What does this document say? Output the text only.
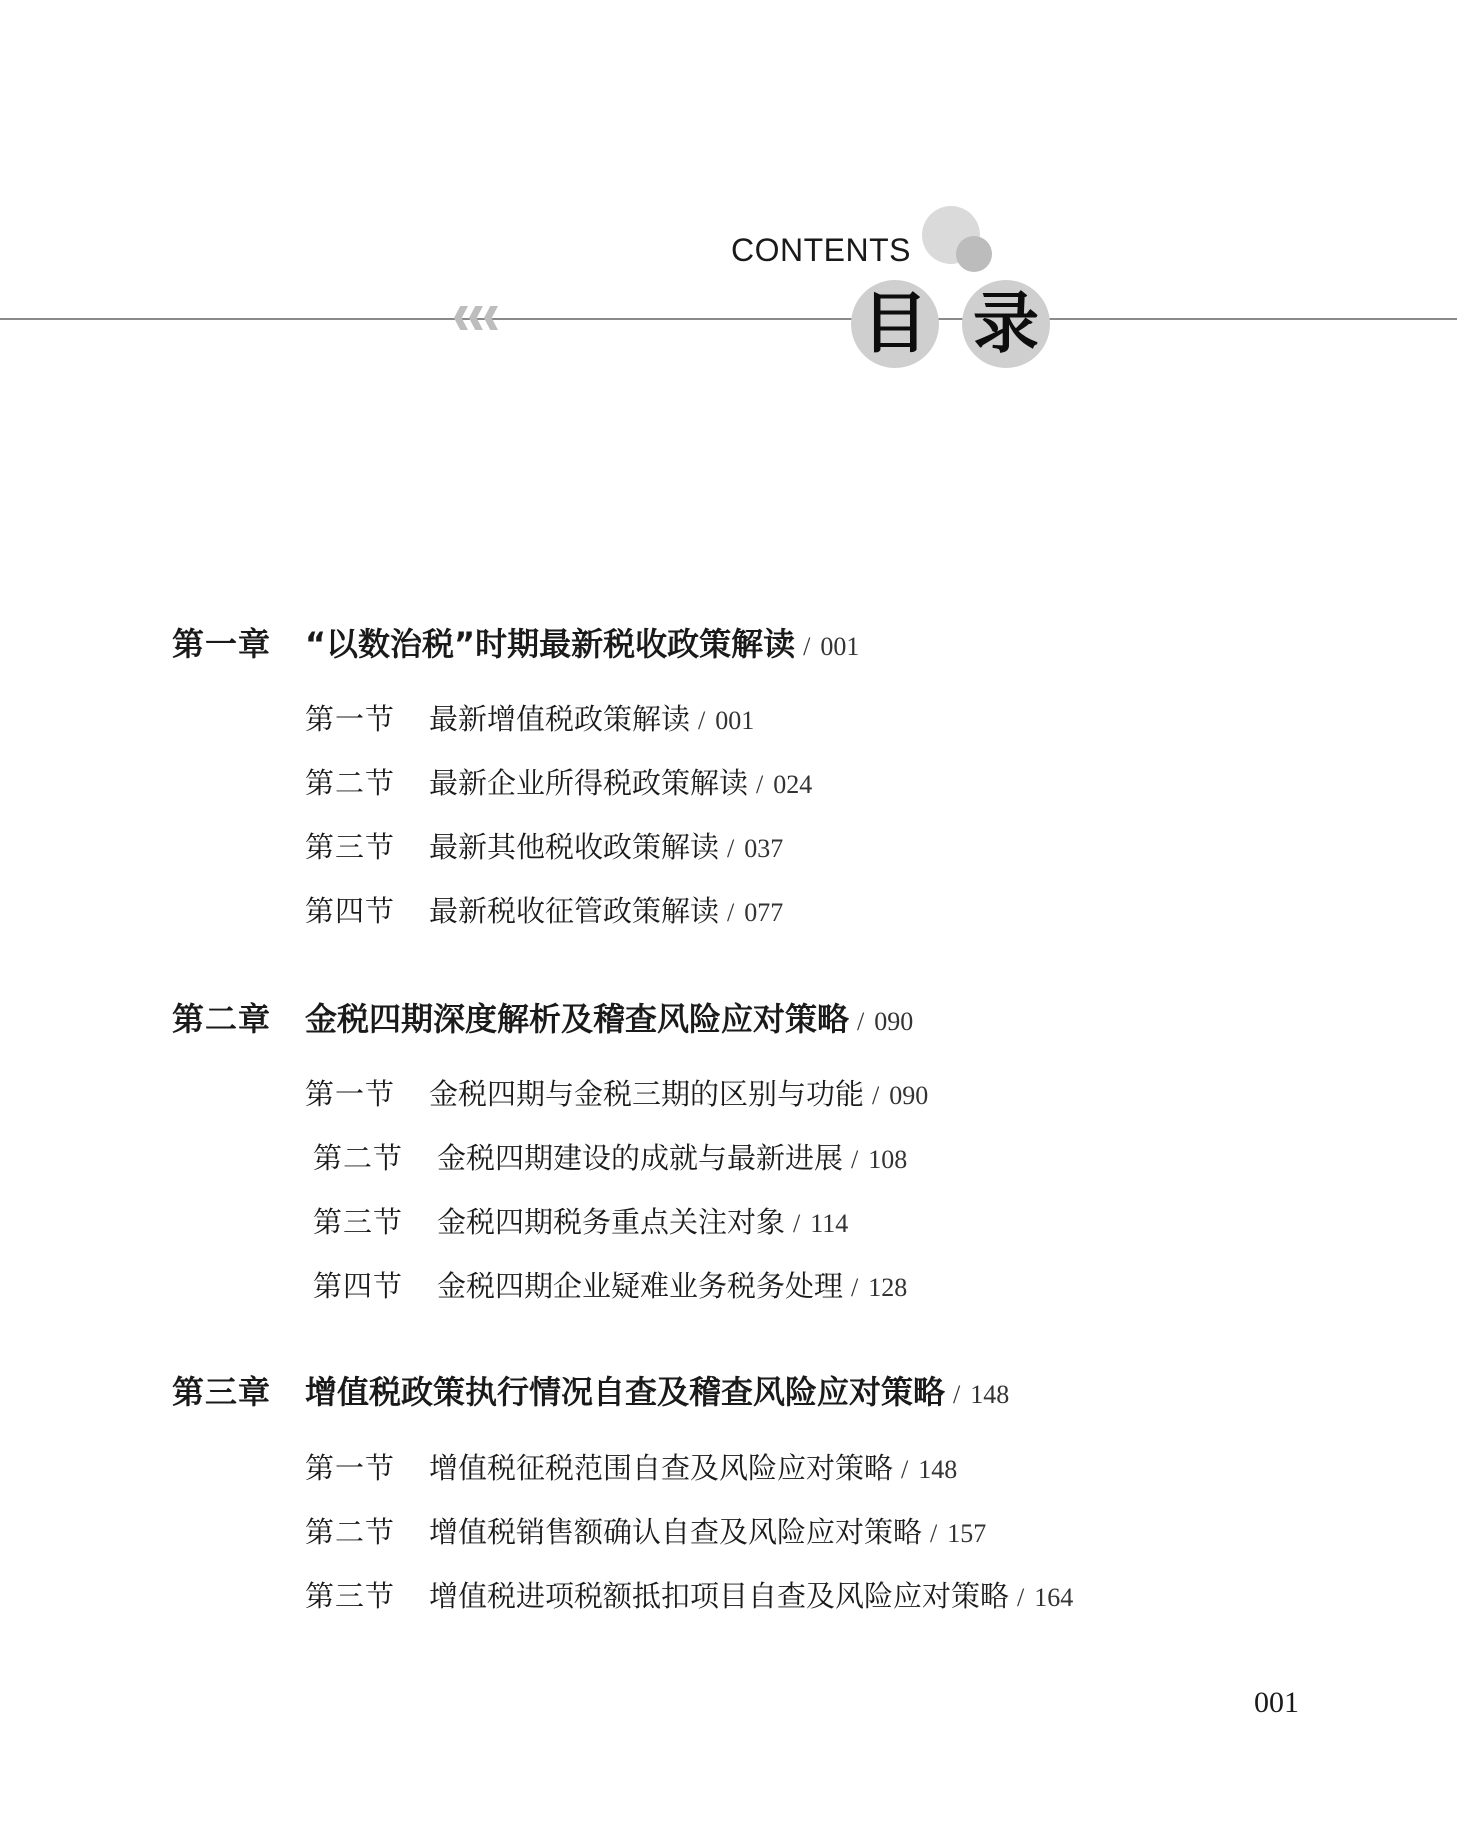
CONTENTS
目 录
第一章	“以数治税”时期最新税收政策解读 / 001
第一节	最新增值税政策解读 / 001
第二节	最新企业所得税政策解读 / 024
第三节	最新其他税收政策解读 / 037
第四节	最新税收征管政策解读 / 077
第二章	金税四期深度解析及稽查风险应对策略 / 090
第一节	金税四期与金税三期的区别与功能 / 090
第二节	金税四期建设的成就与最新进展 / 108
第三节	金税四期税务重点关注对象 / 114
第四节	金税四期企业疑难业务税务处理 / 128
第三章	增值税政策执行情况自查及稽查风险应对策略 / 148
第一节	增值税征税范围自查及风险应对策略 / 148
第二节	增值税销售额确认自查及风险应对策略 / 157
第三节	增值税进项税额抵扣项目自查及风险应对策略 / 164
001
